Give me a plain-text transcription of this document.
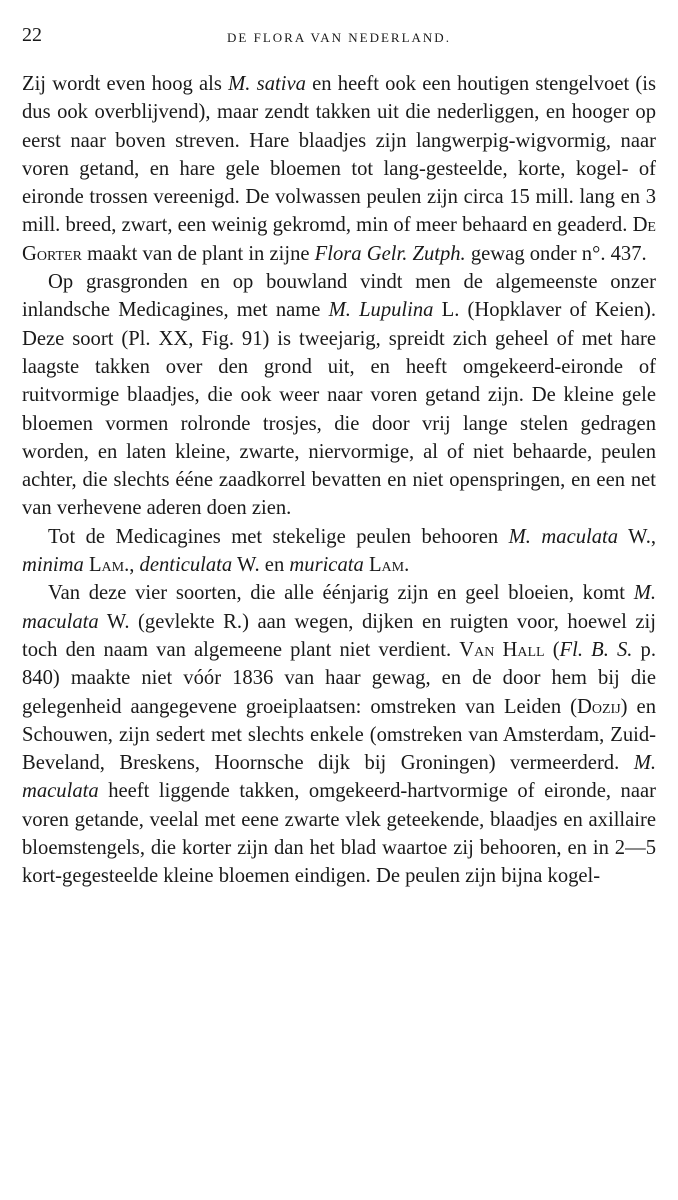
22	DE FLORA VAN NEDERLAND.

Zij wordt even hoog als M. sativa en heeft ook een houtigen stengelvoet (is dus ook overblijvend), maar zendt takken uit die nederliggen, en hooger op eerst naar boven streven. Hare blaadjes zijn langwerpig-wigvormig, naar voren getand, en hare gele bloemen tot lang-gesteelde, korte, kogel- of eironde trossen vereenigd. De volwassen peulen zijn circa 15 mill. lang en 3 mill. breed, zwart, een weinig gekromd, min of meer behaard en geaderd. De Gorter maakt van de plant in zijne Flora Gelr. Zutph. gewag onder n°. 437.

Op grasgronden en op bouwland vindt men de algemeenste onzer inlandsche Medicagines, met name M. Lupulina L. (Hopklaver of Keien). Deze soort (Pl. XX, Fig. 91) is tweejarig, spreidt zich geheel of met hare laagste takken over den grond uit, en heeft omgekeerd-eironde of ruitvormige blaadjes, die ook weer naar voren getand zijn. De kleine gele bloemen vormen rolronde trosjes, die door vrij lange stelen gedragen worden, en laten kleine, zwarte, niervormige, al of niet behaarde, peulen achter, die slechts ééne zaadkorrel bevatten en niet openspringen, en een net van verhevene aderen doen zien.

Tot de Medicagines met stekelige peulen behooren M. maculata W., minima Lam., denticulata W. en muricata Lam.

Van deze vier soorten, die alle éénjarig zijn en geel bloeien, komt M. maculata W. (gevlekte R.) aan wegen, dijken en ruigten voor, hoewel zij toch den naam van algemeene plant niet verdient. Van Hall (Fl. B. S. p. 840) maakte niet vóór 1836 van haar gewag, en de door hem bij die gelegenheid aangegevene groeiplaatsen: omstreken van Leiden (Dozij) en Schouwen, zijn sedert met slechts enkele (omstreken van Amsterdam, Zuid-Beveland, Breskens, Hoornsche dijk bij Groningen) vermeerderd. M. maculata heeft liggende takken, omgekeerd-hartvormige of eironde, naar voren getande, veelal met eene zwarte vlek geteekende, blaadjes en axillaire bloemstengels, die korter zijn dan het blad waartoe zij behooren, en in 2—5 kort-gegesteelde kleine bloemen eindigen. De peulen zijn bijna kogel-
